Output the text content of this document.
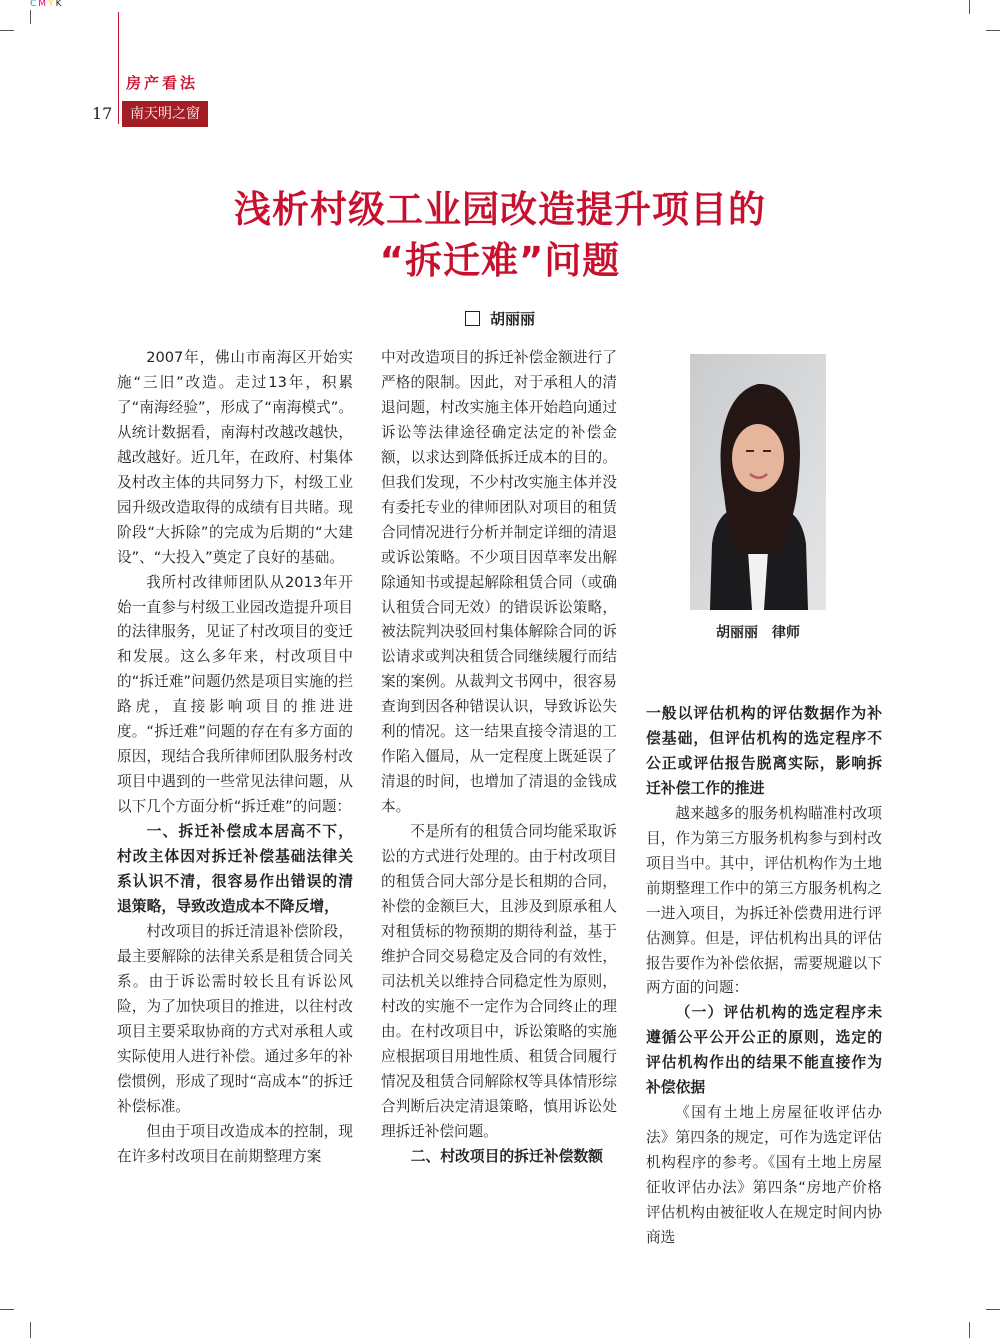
CMYK
房产看法
17	南天明之窗
浅析村级工业园改造提升项目的
“拆迁难”问题
胡丽丽

2007年，佛山市南海区开始实施“三旧”改造。走过13年，积累了“南海经验”，形成了“南海模式”。从统计数据看，南海村改越改越快，越改越好。近几年，在政府、村集体及村改主体的共同努力下，村级工业园升级改造取得的成绩有目共睹。现阶段“大拆除”的完成为后期的“大建设”、“大投入”奠定了良好的基础。

我所村改律师团队从2013年开始一直参与村级工业园改造提升项目的法律服务，见证了村改项目的变迁和发展。这么多年来，村改项目中的“拆迁难”问题仍然是项目实施的拦路虎，直接影响项目的推进进度。“拆迁难”问题的存在有多方面的原因，现结合我所律师团队服务村改项目中遇到的一些常见法律问题，从以下几个方面分析“拆迁难”的问题：

一、拆迁补偿成本居高不下，村改主体因对拆迁补偿基础法律关系认识不清，很容易作出错误的清退策略，导致改造成本不降反增，

村改项目的拆迁清退补偿阶段，最主要解除的法律关系是租赁合同关系。由于诉讼需时较长且有诉讼风险，为了加快项目的推进，以往村改项目主要采取协商的方式对承租人或实际使用人进行补偿。通过多年的补偿惯例，形成了现时“高成本”的拆迁补偿标准。

但由于项目改造成本的控制，现在许多村改项目在前期整理方案

中对改造项目的拆迁补偿金额进行了严格的限制。因此，对于承租人的清退问题，村改实施主体开始趋向通过诉讼等法律途径确定法定的补偿金额，以求达到降低拆迁成本的目的。但我们发现，不少村改实施主体并没有委托专业的律师团队对项目的租赁合同情况进行分析并制定详细的清退或诉讼策略。不少项目因草率发出解除通知书或提起解除租赁合同（或确认租赁合同无效）的错误诉讼策略，被法院判决驳回村集体解除合同的诉讼请求或判决租赁合同继续履行而结案的案例。从裁判文书网中，很容易查询到因各种错误认识，导致诉讼失利的情况。这一结果直接令清退的工作陷入僵局，从一定程度上既延误了清退的时间，也增加了清退的金钱成本。

不是所有的租赁合同均能采取诉讼的方式进行处理的。由于村改项目的租赁合同大部分是长租期的合同，补偿的金额巨大，且涉及到原承租人对租赁标的物预期的期待利益，基于维护合同交易稳定及合同的有效性，司法机关以维持合同稳定性为原则，村改的实施不一定作为合同终止的理由。在村改项目中，诉讼策略的实施应根据项目用地性质、租赁合同履行情况及租赁合同解除权等具体情形综合判断后决定清退策略，慎用诉讼处理拆迁补偿问题。

二、村改项目的拆迁补偿数额

胡丽丽　律师

一般以评估机构的评估数据作为补偿基础，但评估机构的选定程序不公正或评估报告脱离实际，影响拆迁补偿工作的推进

越来越多的服务机构瞄准村改项目，作为第三方服务机构参与到村改项目当中。其中，评估机构作为土地前期整理工作中的第三方服务机构之一进入项目，为拆迁补偿费用进行评估测算。但是，评估机构出具的评估报告要作为补偿依据，需要规避以下两方面的问题：

（一）评估机构的选定程序未遵循公平公开公正的原则，选定的评估机构作出的结果不能直接作为补偿依据

《国有土地上房屋征收评估办法》第四条的规定，可作为选定评估机构程序的参考。《国有土地上房屋征收评估办法》第四条“房地产价格评估机构由被征收人在规定时间内协商选
